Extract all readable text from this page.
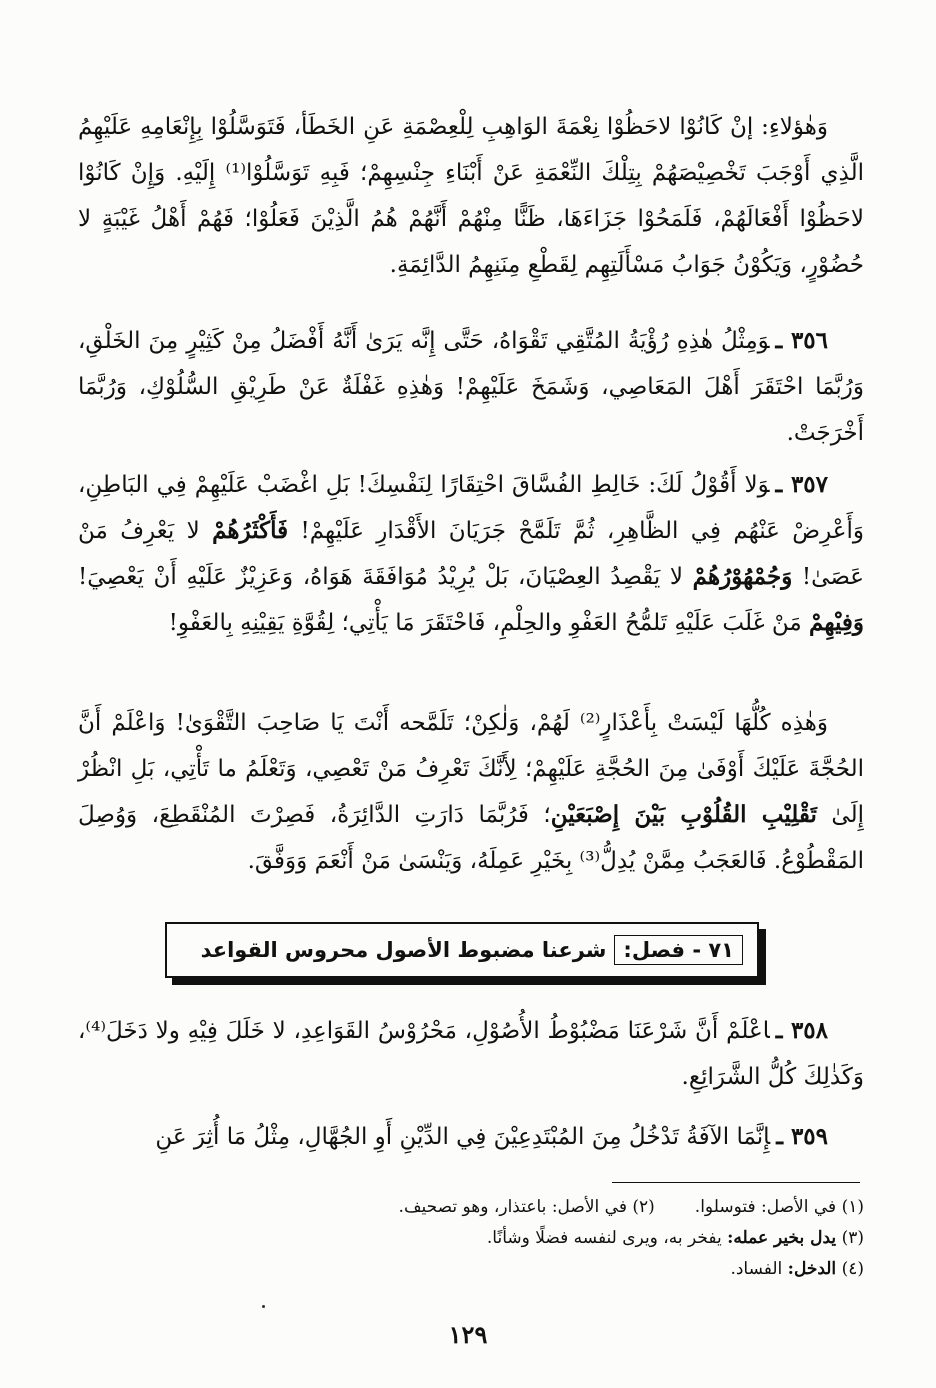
وَهٰؤلاءِ: إنْ كَانُوْا لاحَظُوْا نِعْمَةَ الوَاهِبِ لِلْعِصْمَةِ عَنِ الخَطَأ، فَتَوَسَّلُوْا بِإِنْعَامِهِ عَلَيْهِمُ الَّذِي أَوْجَبَ تَخْصِيْصَهُمْ بِتِلْكَ النِّعْمَةِ عَنْ أَبْنَاءِ جِنْسِهِمْ؛ فَبِهِ تَوَسَّلُوْا⁽¹⁾ إِلَيْهِ. وَإِنْ كَانُوْا لاحَظُوْا أَفْعَالَهُمْ، فَلَمَحُوْا جَزَاءَهَا، ظَنًّا مِنْهُمْ أَنَّهُمْ هُمُ الَّذِيْنَ فَعَلُوْا؛ فَهُمْ أَهْلُ غَيْبَةٍ لا حُضُوْرٍ، وَيَكُوْنُ جَوَابُ مَسْأَلَتِهِم لِقَطْعِ مِنَنِهِمُ الدَّائِمَةِ.

٣٥٦ ـوَمِثْلُ هٰذِهِ رُؤْيَةُ المُتَّقِي تَقْوَاهُ، حَتَّى إِنَّه يَرَىٰ أَنَّهُ أَفْضَلُ مِنْ كَثِيْرٍ مِنَ الخَلْقِ، وَرُبَّمَا احْتَقَرَ أَهْلَ المَعَاصِي، وَشَمَخَ عَلَيْهِمْ! وَهٰذِهِ غَفْلَةٌ عَنْ طَرِيْقِ السُّلُوْكِ، وَرُبَّمَا أَخْرَجَتْ.

٣٥٧ ـوَلا أَقُوْلُ لَكَ: خَالِطِ الفُسَّاقَ احْتِقَارًا لِنَفْسِكَ! بَلِ اغْضَبْ عَلَيْهِمْ فِي البَاطِنِ، وَأَعْرِضْ عَنْهُم فِي الظَّاهِرِ، ثُمَّ تَلَمَّحْ جَرَيَانَ الأَقْدَارِ عَلَيْهِمْ! فَأَكْثَرُهُمْ لا يَعْرِفُ مَنْ عَصَىٰ! وَجُمْهُوْرُهُمْ لا يَقْصِدُ العِصْيَانَ، بَلْ يُرِيْدُ مُوَافَقَةَ هَوَاهُ، وَعَزِيْزٌ عَلَيْهِ أَنْ يَعْصِيَ! وَفِيْهِمْ مَنْ غَلَبَ عَلَيْهِ تَلمُّحُ العَفْوِ والحِلْمِ، فَاحْتَقَرَ مَا يَأْتِي؛ لِقُوَّةِ يَقِيْنِهِ بِالعَفْوِ!

وَهٰذِه كُلُّهَا لَيْسَتْ بِأَعْذَارٍ⁽²⁾ لَهُمْ، وَلٰكِنْ؛ تَلَمَّحه أَنْتَ يَا صَاحِبَ التَّقْوَىٰ! وَاعْلَمْ أَنَّ الحُجَّةَ عَلَيْكَ أَوْفَىٰ مِنَ الحُجَّةِ عَلَيْهِمْ؛ لِأَنَّكَ تَعْرِفُ مَنْ تَعْصِي، وَتَعْلَمُ ما تَأْتِي، بَلِ انْظُرْ إِلَىٰ تَقْلِيْبِ القُلُوْبِ بَيْنَ إِصْبَعَيْنِ؛ فَرُبَّمَا دَارَتِ الدَّائِرَةُ، فَصِرْتَ المُنْقَطِعَ، وَوُصِلَ المَقْطُوْعُ. فَالعَجَبُ مِمَّنْ يُدِلُّ⁽³⁾ بِخَيْرِ عَمِلَهُ، وَيَنْسَىٰ مَنْ أَنْعَمَ وَوَفَّقَ.

٧١ - فصل:
شرعنا مضبوط الأصول محروس القواعد

٣٥٨ ـاعْلَمْ أَنَّ شَرْعَنَا مَضْبُوْطُ الأُصُوْلِ، مَحْرُوْسُ القَوَاعِدِ، لا خَلَلَ فِيْهِ ولا دَخَلَ⁽⁴⁾، وَكَذٰلِكَ كُلُّ الشَّرَائِعِ.

٣٥٩ ـإِنَّمَا الآفَةُ تَدْخُلُ مِنَ المُبْتَدِعِيْنَ فِي الدِّيْنِ أَوِ الجُهَّالِ، مِثْلُ مَا أُثِرَ عَنِ

(١) في الأصل: فتوسلوا.
(٢) في الأصل: باعتذار، وهو تصحيف.
(٣) يدل بخير عمله: يفخر به، ويرى لنفسه فضلًا وشأنًا.
(٤) الدخل: الفساد.
١٢٩
